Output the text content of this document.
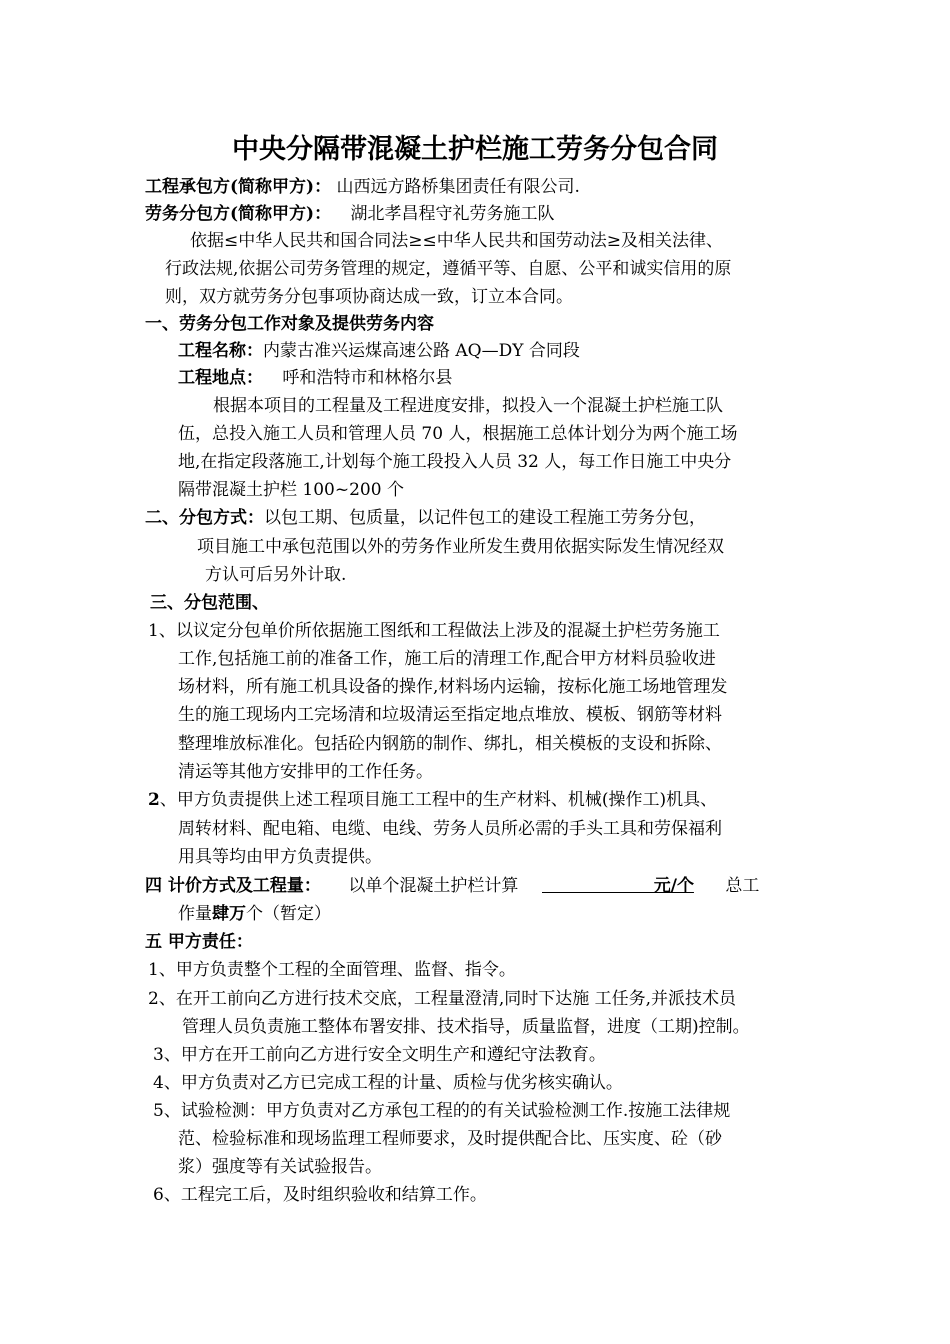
中央分隔带混凝土护栏施工劳务分包合同
工程承包方(简称甲方)： 山西远方路桥集团责任有限公司.
劳务分包方(简称甲方)： 湖北孝昌程守礼劳务施工队
依据≤中华人民共和国合同法≥≤中华人民共和国劳动法≥及相关法律、
行政法规,依据公司劳务管理的规定，遵循平等、自愿、公平和诚实信用的原
则，双方就劳务分包事项协商达成一致，订立本合同。
一、劳务分包工作对象及提供劳务内容
工程名称：内蒙古准兴运煤高速公路 AQ—DY 合同段
工程地点： 呼和浩特市和林格尔县
根据本项目的工程量及工程进度安排，拟投入一个混凝土护栏施工队
伍，总投入施工人员和管理人员 70 人，根据施工总体计划分为两个施工场
地,在指定段落施工,计划每个施工段投入人员 32 人，每工作日施工中央分
隔带混凝土护栏 100~200 个
二、分包方式：以包工期、包质量，以记件包工的建设工程施工劳务分包，
项目施工中承包范围以外的劳务作业所发生费用依据实际发生情况经双
方认可后另外计取.
三、分包范围、
1、以议定分包单价所依据施工图纸和工程做法上涉及的混凝土护栏劳务施工
工作,包括施工前的准备工作，施工后的清理工作,配合甲方材料员验收进
场材料，所有施工机具设备的操作,材料场内运输，按标化施工场地管理发
生的施工现场内工完场清和垃圾清运至指定地点堆放、模板、钢筋等材料
整理堆放标准化。包括砼内钢筋的制作、绑扎，相关模板的支设和拆除、
清运等其他方安排甲的工作任务。
2、甲方负责提供上述工程项目施工工程中的生产材料、机械(操作工)机具、
周转材料、配电箱、电缆、电线、劳务人员所必需的手头工具和劳保福利
用具等均由甲方负责提供。
四 计价方式及工程量： 以单个混凝土护栏计算	元/个 总工
作量肆万个（暂定）
五 甲方责任：
1、甲方负责整个工程的全面管理、监督、指令。
2、在开工前向乙方进行技术交底，工程量澄清,同时下达施 工任务,并派技术员
管理人员负责施工整体布署安排、技术指导，质量监督，进度（工期)控制。
3、甲方在开工前向乙方进行安全文明生产和遵纪守法教育。
4、甲方负责对乙方已完成工程的计量、质检与优劣核实确认。
5、试验检测：甲方负责对乙方承包工程的的有关试验检测工作.按施工法律规
范、检验标准和现场监理工程师要求，及时提供配合比、压实度、砼（砂
浆）强度等有关试验报告。
6、工程完工后，及时组织验收和结算工作。
